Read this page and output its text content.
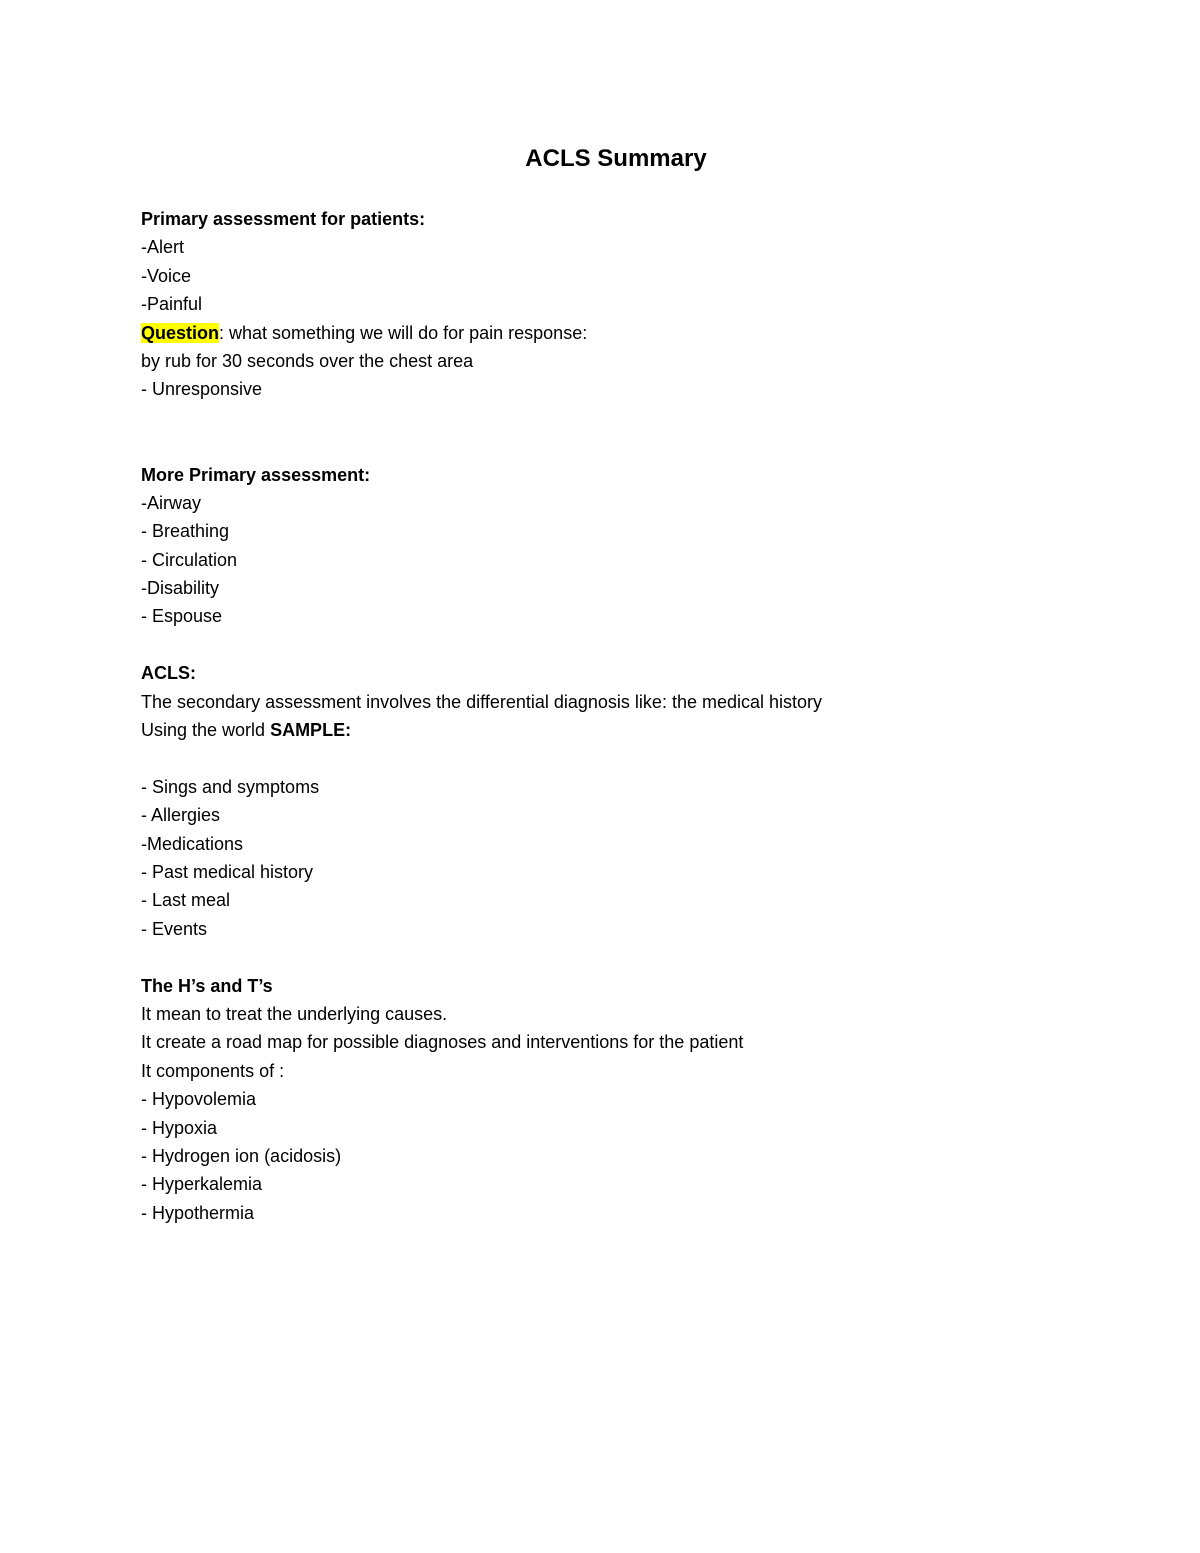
ACLS Summary
Primary assessment for patients:
-Alert
-Voice
-Painful
Question: what something we will do for pain response:
by rub for 30 seconds over the chest area
- Unresponsive
More Primary assessment:
-Airway
- Breathing
- Circulation
-Disability
- Espouse
ACLS:
The secondary assessment involves the differential diagnosis like: the medical history
Using the world SAMPLE:
- Sings and symptoms
- Allergies
-Medications
- Past medical history
- Last meal
- Events
The H’s and T’s
It mean to treat the underlying causes.
It create a road map for possible diagnoses and interventions for the patient
It components of :
- Hypovolemia
- Hypoxia
- Hydrogen ion (acidosis)
- Hyperkalemia
- Hypothermia
